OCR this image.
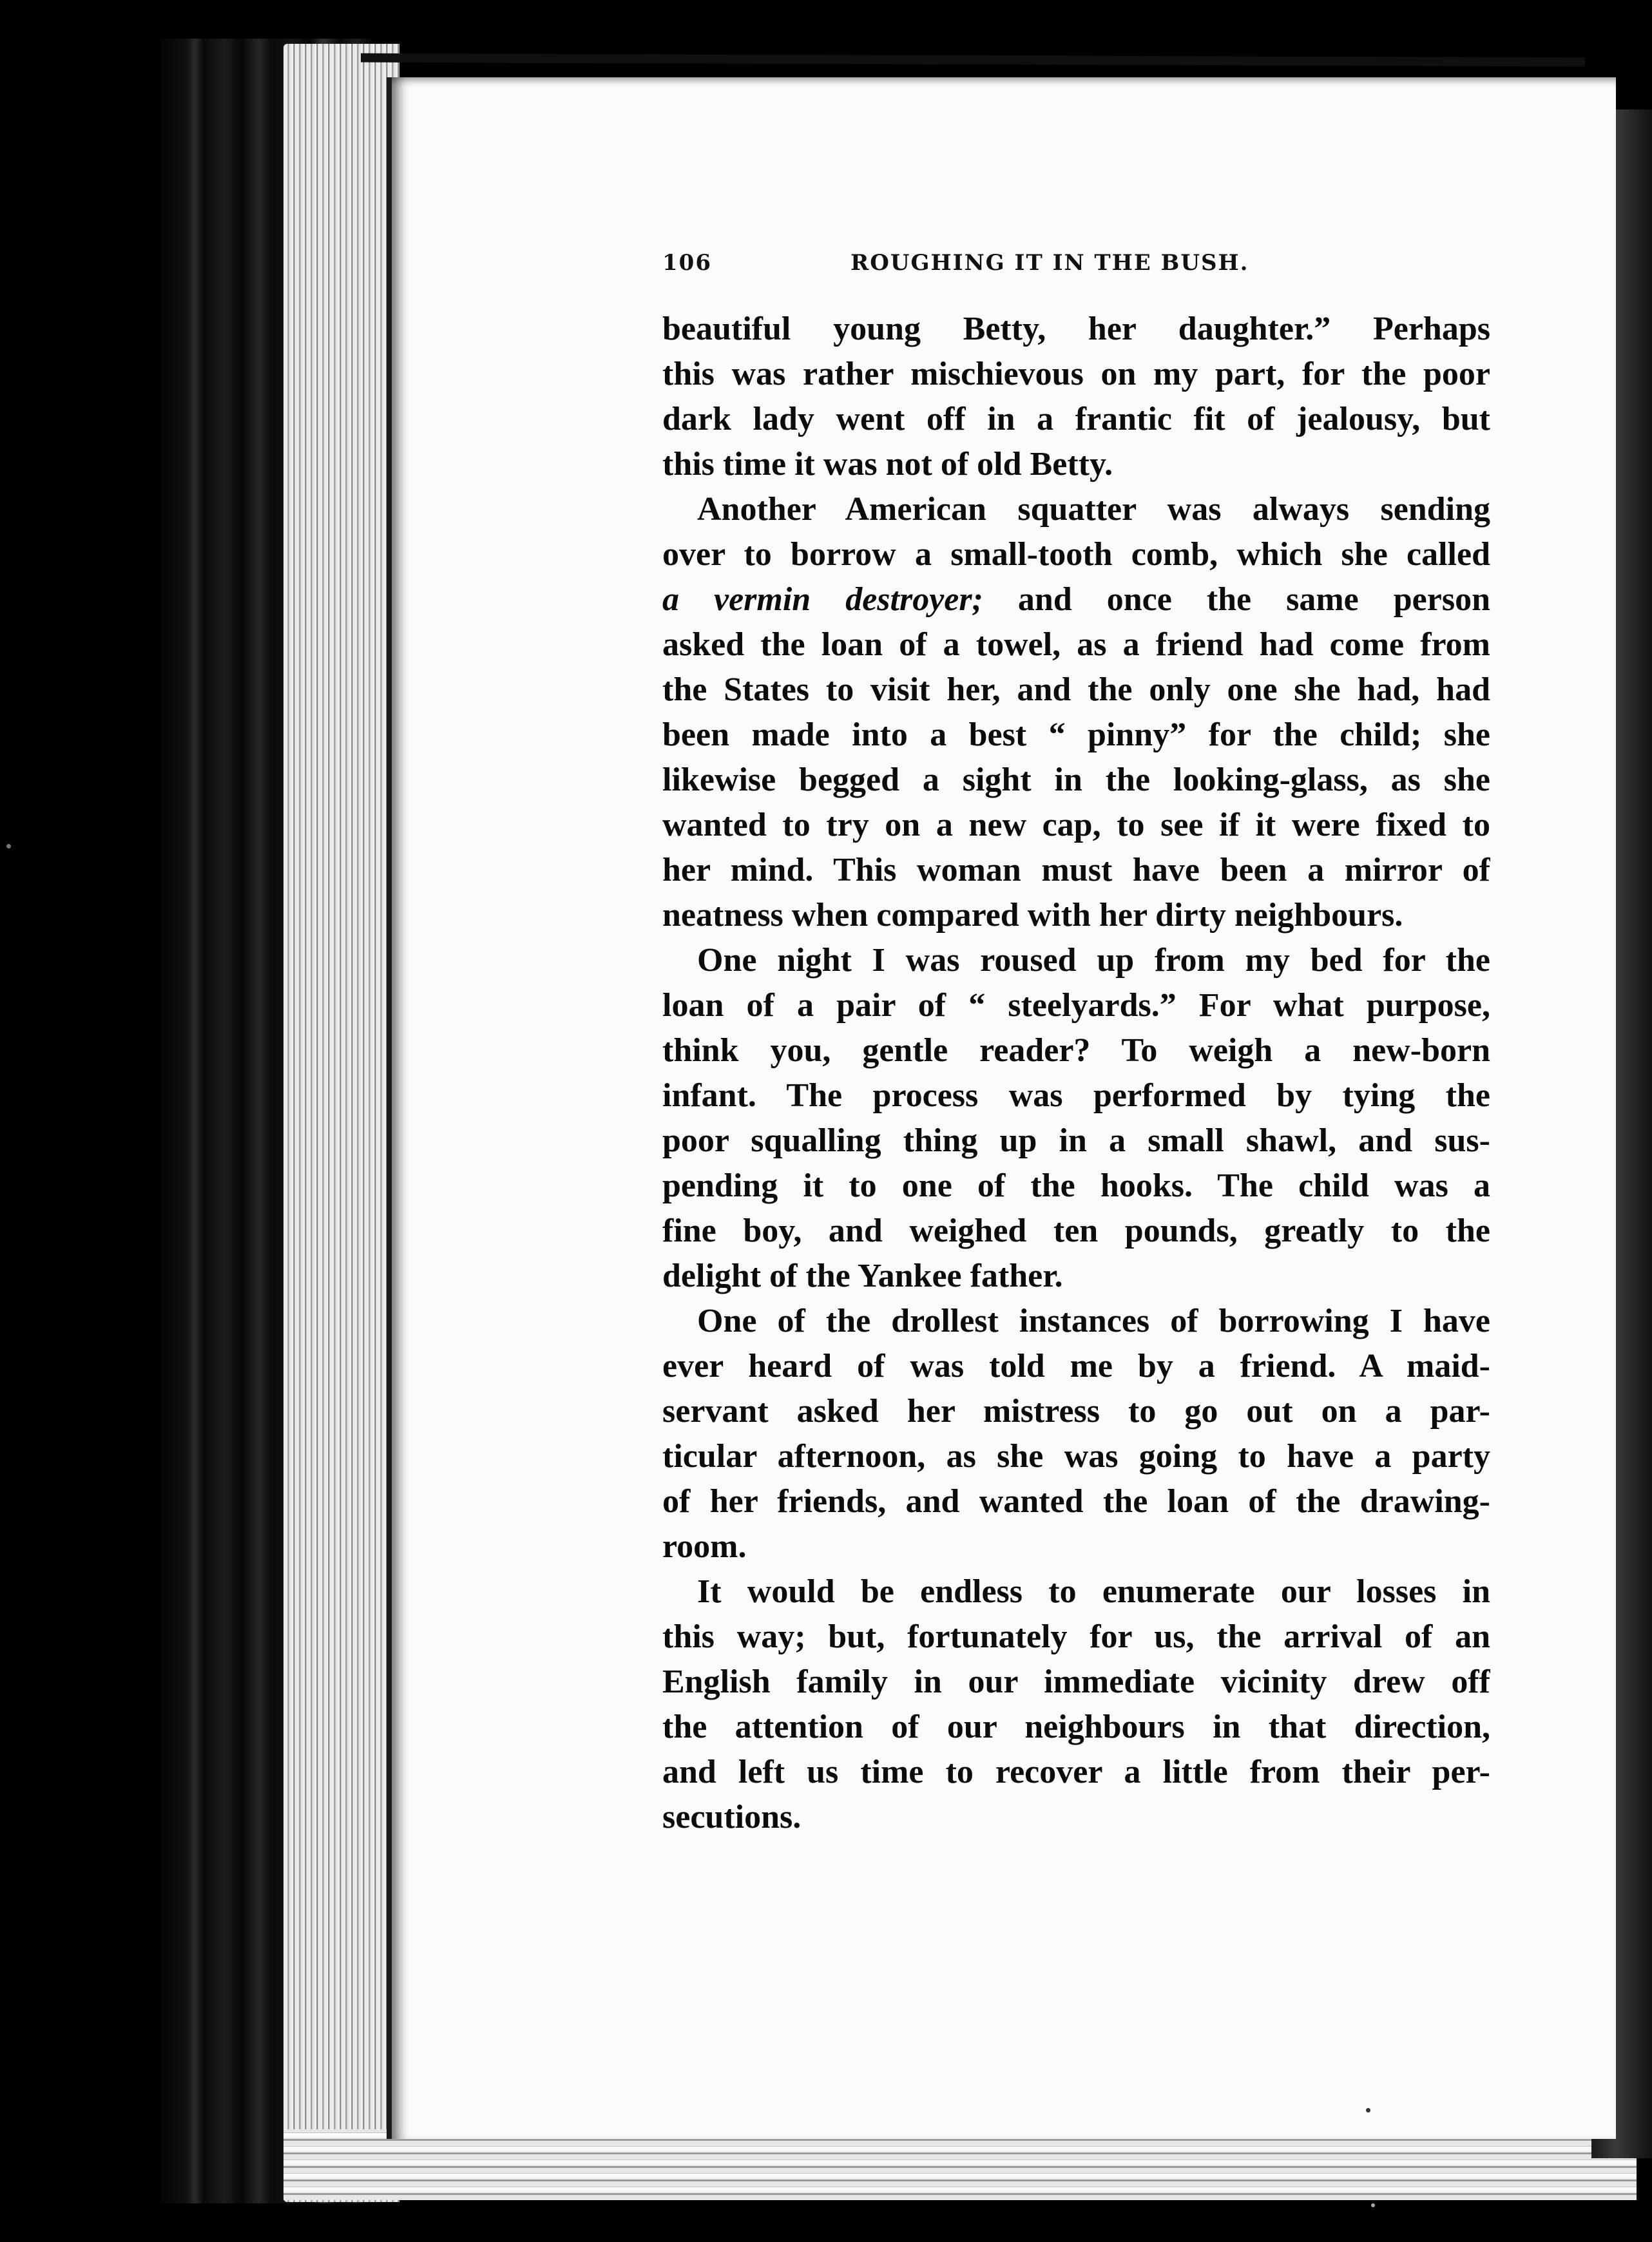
106	ROUGHING IT IN THE BUSH.
beautiful young Betty, her daughter.” Perhaps
this was rather mischievous on my part, for the poor
dark lady went off in a frantic fit of jealousy, but
this time it was not of old Betty.
Another American squatter was always sending
over to borrow a small-tooth comb, which she called
a vermin destroyer; and once the same person
asked the loan of a towel, as a friend had come from
the States to visit her, and the only one she had, had
been made into a best “ pinny” for the child; she
likewise begged a sight in the looking-glass, as she
wanted to try on a new cap, to see if it were fixed to
her mind. This woman must have been a mirror of
neatness when compared with her dirty neighbours.
One night I was roused up from my bed for the
loan of a pair of “ steelyards.” For what purpose,
think you, gentle reader? To weigh a new-born
infant. The process was performed by tying the
poor squalling thing up in a small shawl, and sus-
pending it to one of the hooks. The child was a
fine boy, and weighed ten pounds, greatly to the
delight of the Yankee father.
One of the drollest instances of borrowing I have
ever heard of was told me by a friend. A maid-
servant asked her mistress to go out on a par-
ticular afternoon, as she was going to have a party
of her friends, and wanted the loan of the drawing-
room.
It would be endless to enumerate our losses in
this way; but, fortunately for us, the arrival of an
English family in our immediate vicinity drew off
the attention of our neighbours in that direction,
and left us time to recover a little from their per-
secutions.
